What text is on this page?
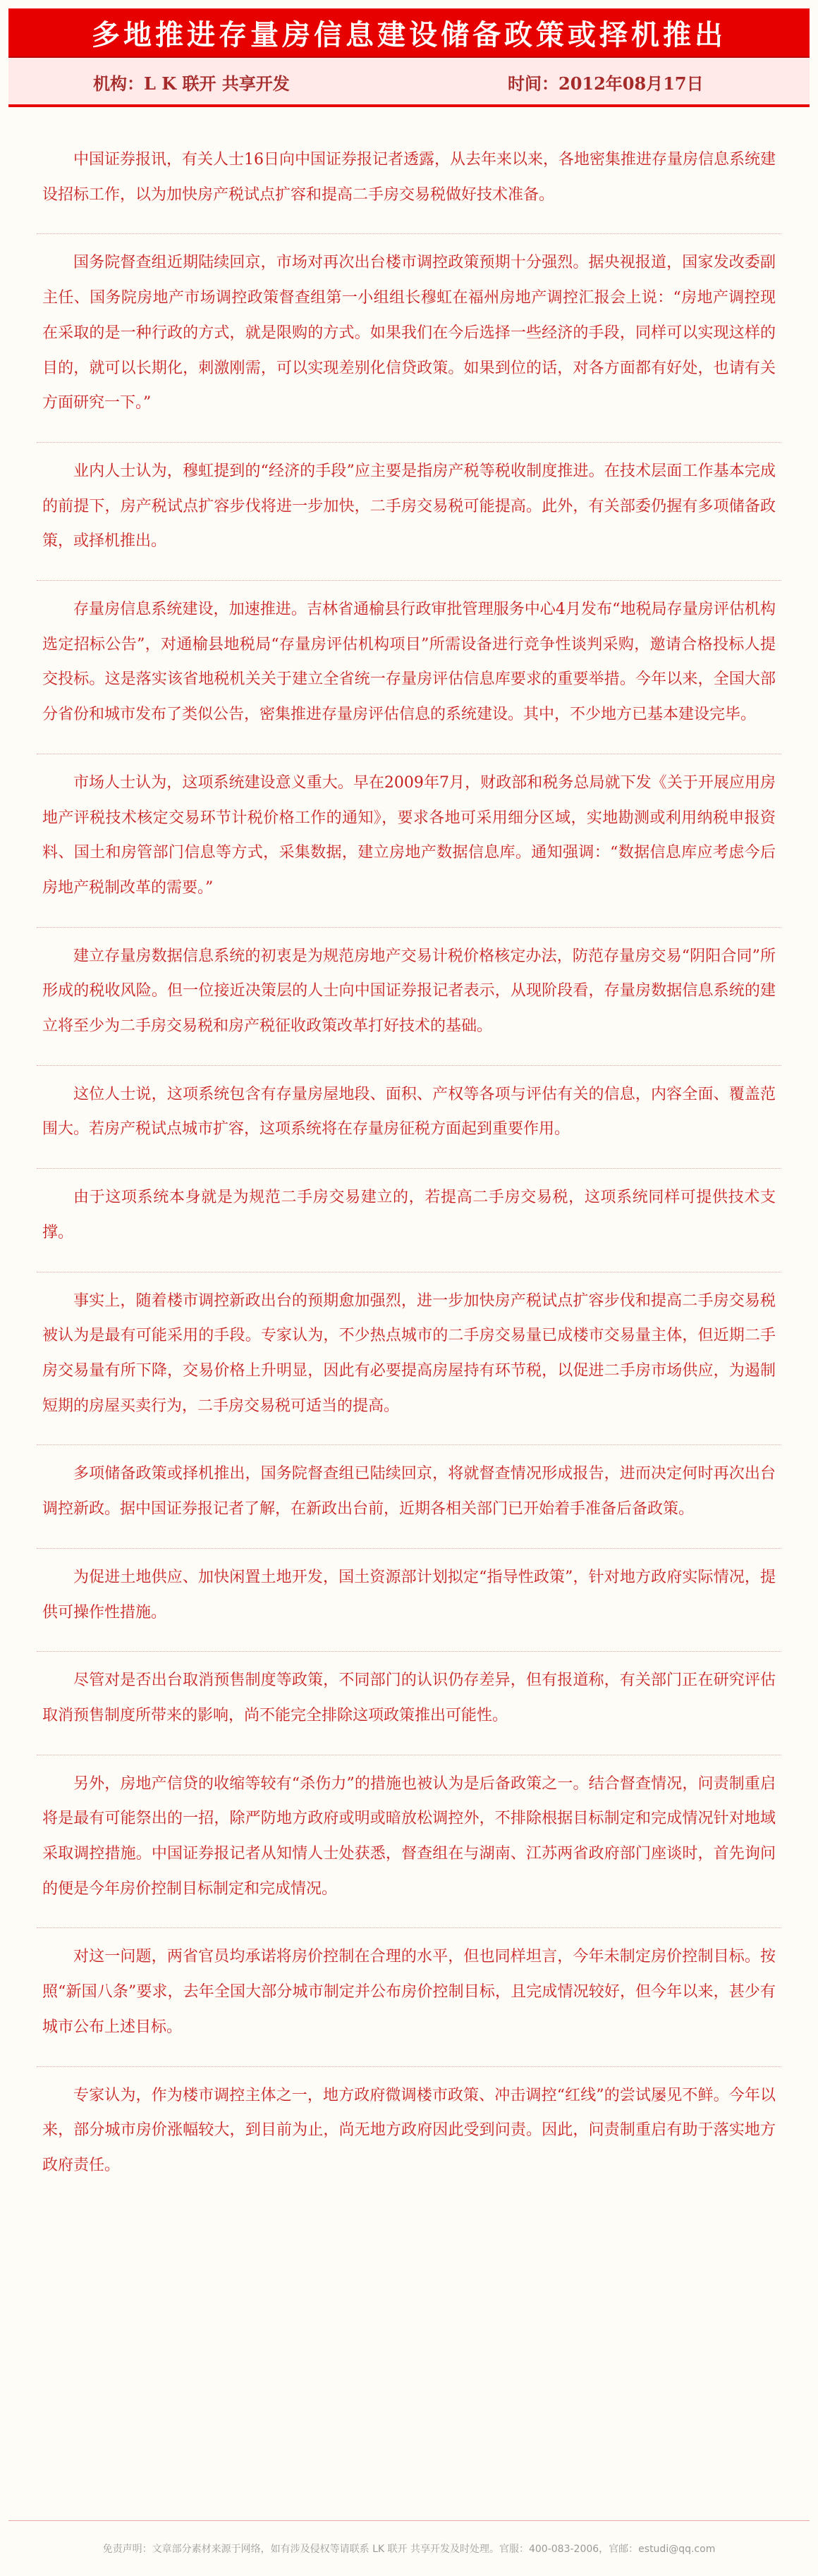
多地推进存量房信息建设储备政策或择机推出
机构：L K 联开 共享开发	时间：2012年08月17日

中国证券报讯，有关人士16日向中国证券报记者透露，从去年来以来，各地密集推进存量房信息系统建设招标工作，以为加快房产税试点扩容和提高二手房交易税做好技术准备。

国务院督查组近期陆续回京，市场对再次出台楼市调控政策预期十分强烈。据央视报道，国家发改委副主任、国务院房地产市场调控政策督查组第一小组组长穆虹在福州房地产调控汇报会上说：“房地产调控现在采取的是一种行政的方式，就是限购的方式。如果我们在今后选择一些经济的手段，同样可以实现这样的目的，就可以长期化，刺激刚需，可以实现差别化信贷政策。如果到位的话，对各方面都有好处，也请有关方面研究一下。”

业内人士认为，穆虹提到的“经济的手段”应主要是指房产税等税收制度推进。在技术层面工作基本完成的前提下，房产税试点扩容步伐将进一步加快，二手房交易税可能提高。此外，有关部委仍握有多项储备政策，或择机推出。

存量房信息系统建设，加速推进。吉林省通榆县行政审批管理服务中心4月发布“地税局存量房评估机构选定招标公告”，对通榆县地税局“存量房评估机构项目”所需设备进行竞争性谈判采购，邀请合格投标人提交投标。这是落实该省地税机关关于建立全省统一存量房评估信息库要求的重要举措。今年以来，全国大部分省份和城市发布了类似公告，密集推进存量房评估信息的系统建设。其中，不少地方已基本建设完毕。

市场人士认为，这项系统建设意义重大。早在2009年7月，财政部和税务总局就下发《关于开展应用房地产评税技术核定交易环节计税价格工作的通知》，要求各地可采用细分区域，实地勘测或利用纳税申报资料、国土和房管部门信息等方式，采集数据，建立房地产数据信息库。通知强调：“数据信息库应考虑今后房地产税制改革的需要。”

建立存量房数据信息系统的初衷是为规范房地产交易计税价格核定办法，防范存量房交易“阴阳合同”所形成的税收风险。但一位接近决策层的人士向中国证券报记者表示，从现阶段看，存量房数据信息系统的建立将至少为二手房交易税和房产税征收政策改革打好技术的基础。

这位人士说，这项系统包含有存量房屋地段、面积、产权等各项与评估有关的信息，内容全面、覆盖范围大。若房产税试点城市扩容，这项系统将在存量房征税方面起到重要作用。

由于这项系统本身就是为规范二手房交易建立的，若提高二手房交易税，这项系统同样可提供技术支撑。

事实上，随着楼市调控新政出台的预期愈加强烈，进一步加快房产税试点扩容步伐和提高二手房交易税被认为是最有可能采用的手段。专家认为，不少热点城市的二手房交易量已成楼市交易量主体，但近期二手房交易量有所下降，交易价格上升明显，因此有必要提高房屋持有环节税，以促进二手房市场供应，为遏制短期的房屋买卖行为，二手房交易税可适当的提高。

多项储备政策或择机推出，国务院督查组已陆续回京，将就督查情况形成报告，进而决定何时再次出台调控新政。据中国证券报记者了解，在新政出台前，近期各相关部门已开始着手准备后备政策。

为促进土地供应、加快闲置土地开发，国土资源部计划拟定“指导性政策”，针对地方政府实际情况，提供可操作性措施。

尽管对是否出台取消预售制度等政策，不同部门的认识仍存差异，但有报道称，有关部门正在研究评估取消预售制度所带来的影响，尚不能完全排除这项政策推出可能性。

另外，房地产信贷的收缩等较有“杀伤力”的措施也被认为是后备政策之一。结合督查情况，问责制重启将是最有可能祭出的一招，除严防地方政府或明或暗放松调控外，不排除根据目标制定和完成情况针对地域采取调控措施。中国证券报记者从知情人士处获悉，督查组在与湖南、江苏两省政府部门座谈时，首先询问的便是今年房价控制目标制定和完成情况。

对这一问题，两省官员均承诺将房价控制在合理的水平，但也同样坦言，今年未制定房价控制目标。按照“新国八条”要求，去年全国大部分城市制定并公布房价控制目标，且完成情况较好，但今年以来，甚少有城市公布上述目标。

专家认为，作为楼市调控主体之一，地方政府微调楼市政策、冲击调控“红线”的尝试屡见不鲜。今年以来，部分城市房价涨幅较大，到目前为止，尚无地方政府因此受到问责。因此，问责制重启有助于落实地方政府责任。

免责声明：文章部分素材来源于网络，如有涉及侵权等请联系 LK 联开 共享开发及时处理。官服：400-083-2006，官邮：estudi@qq.com
